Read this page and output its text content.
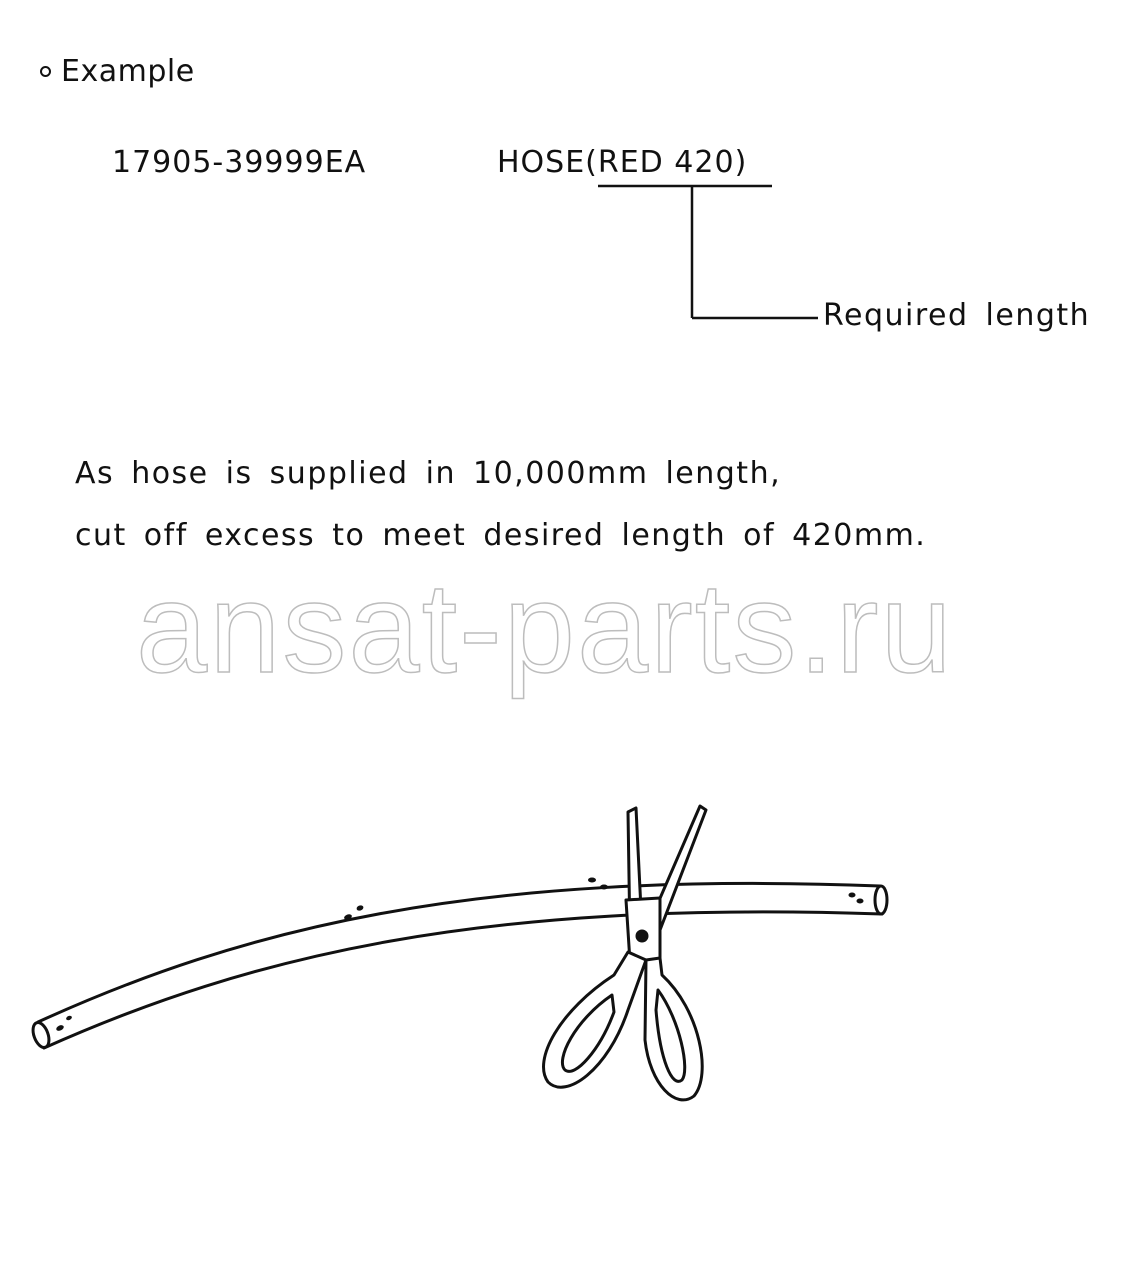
Example
17905-39999EA	HOSE(RED 420)
Required length
As hose is supplied in 10,000mm length,
cut off excess to meet desired length of 420mm.
ansat-parts.ru
